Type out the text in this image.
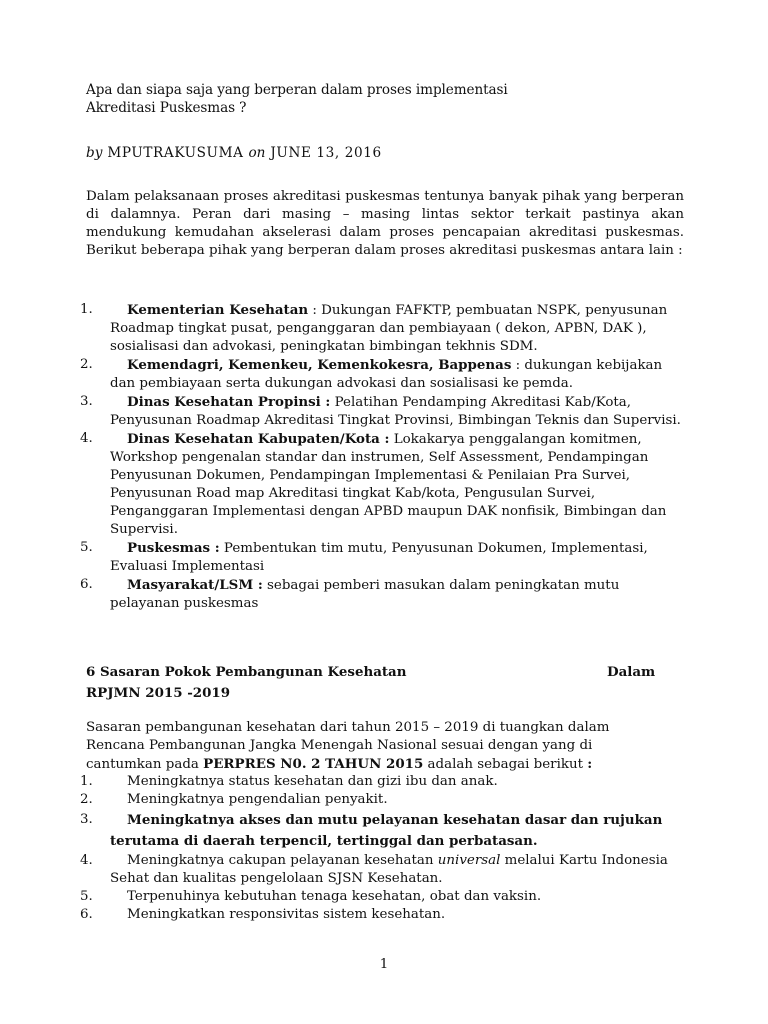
Apa dan siapa saja yang berperan dalam proses implementasi

Akreditasi Puskesmas ?

by MPUTRAKUSUMA on JUNE 13, 2016
Dalam pelaksanaan proses akreditasi puskesmas tentunya banyak pihak yang berperan di dalamnya. Peran dari masing – masing lintas sektor terkait pastinya akan mendukung kemudahan akselerasi dalam proses pencapaian akreditasi puskesmas. Berikut beberapa pihak yang berperan dalam proses akreditasi puskesmas antara lain :
1.	Kementerian Kesehatan : Dukungan FAFKTP, pembuatan NSPK, penyusunan Roadmap tingkat pusat, penganggaran dan pembiayaan ( dekon, APBN, DAK ), sosialisasi dan advokasi, peningkatan bimbingan tekhnis SDM.
2.	Kemendagri, Kemenkeu, Kemenkokesra, Bappenas : dukungan kebijakan dan pembiayaan serta dukungan advokasi dan sosialisasi ke pemda.
3.	Dinas Kesehatan Propinsi : Pelatihan Pendamping Akreditasi Kab/Kota, Penyusunan Roadmap Akreditasi Tingkat Provinsi, Bimbingan Teknis dan Supervisi.
4.	Dinas Kesehatan Kabupaten/Kota : Lokakarya penggalangan komitmen, Workshop pengenalan standar dan instrumen, Self Assessment, Pendampingan Penyusunan Dokumen, Pendampingan Implementasi & Penilaian Pra Survei, Penyusunan Road map Akreditasi tingkat Kab/kota, Pengusulan Survei, Penganggaran Implementasi dengan APBD maupun DAK nonfisik, Bimbingan dan Supervisi.
5.	Puskesmas : Pembentukan tim mutu, Penyusunan Dokumen, Implementasi, Evaluasi Implementasi
6.	Masyarakat/LSM : sebagai pemberi masukan dalam peningkatan mutu pelayanan puskesmas

6 Sasaran Pokok Pembangunan Kesehatan	Dalam

RPJMN 2015 -2019

Sasaran pembangunan kesehatan dari tahun 2015 – 2019 di tuangkan dalam Rencana Pembangunan Jangka Menengah Nasional sesuai dengan yang di cantumkan pada PERPRES N0. 2 TAHUN 2015 adalah sebagai berikut :
1.	Meningkatnya status kesehatan dan gizi ibu dan anak.
2.	Meningkatnya pengendalian penyakit.
3.	Meningkatnya akses dan mutu pelayanan kesehatan dasar dan rujukan terutama di daerah terpencil, tertinggal dan perbatasan.
4.	Meningkatnya cakupan pelayanan kesehatan universal melalui Kartu Indonesia Sehat dan kualitas pengelolaan SJSN Kesehatan.
5.	Terpenuhinya kebutuhan tenaga kesehatan, obat dan vaksin.
6.	Meningkatkan responsivitas sistem kesehatan.
1
